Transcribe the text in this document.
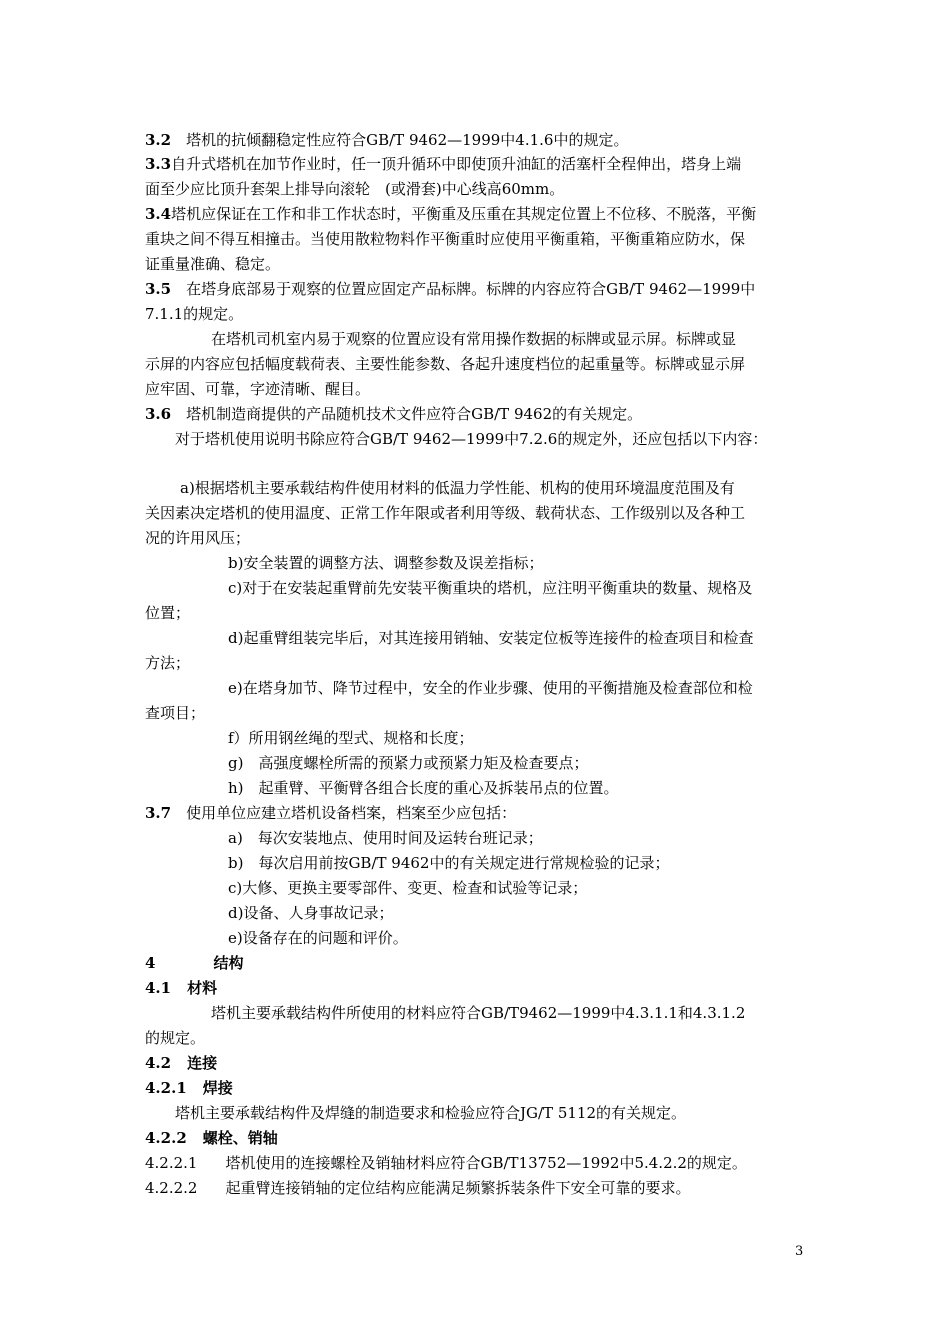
3.2　塔机的抗倾翻稳定性应符合GB/T 9462—1999中4.1.6中的规定。
3.3自升式塔机在加节作业时，任一顶升循环中即使顶升油缸的活塞杆全程伸出，塔身上端
面至少应比顶升套架上排导向滚轮　(或滑套)中心线高60mm。
3.4塔机应保证在工作和非工作状态时，平衡重及压重在其规定位置上不位移、不脱落，平衡
重块之间不得互相撞击。当使用散粒物料作平衡重时应使用平衡重箱，平衡重箱应防水，保
证重量准确、稳定。
3.5　在塔身底部易于观察的位置应固定产品标牌。标牌的内容应符合GB/T 9462—1999中
7.1.1的规定。
在塔机司机室内易于观察的位置应设有常用操作数据的标牌或显示屏。标牌或显
示屏的内容应包括幅度载荷表、主要性能参数、各起升速度档位的起重量等。标牌或显示屏
应牢固、可靠，字迹清晰、醒目。
3.6　塔机制造商提供的产品随机技术文件应符合GB/T 9462的有关规定。
对于塔机使用说明书除应符合GB/T 9462—1999中7.2.6的规定外，还应包括以下内容：
a)根据塔机主要承载结构件使用材料的低温力学性能、机构的使用环境温度范围及有
关因素决定塔机的使用温度、正常工作年限或者利用等级、载荷状态、工作级别以及各种工
况的许用风压；
b)安全装置的调整方法、调整参数及误差指标；
c)对于在安装起重臂前先安装平衡重块的塔机，应注明平衡重块的数量、规格及
位置；
d)起重臂组装完毕后，对其连接用销轴、安装定位板等连接件的检查项目和检查
方法；
e)在塔身加节、降节过程中，安全的作业步骤、使用的平衡措施及检查部位和检
查项目；
f）所用钢丝绳的型式、规格和长度；
g)　高强度螺栓所需的预紧力或预紧力矩及检查要点；
h)　起重臂、平衡臂各组合长度的重心及拆装吊点的位置。
3.7　使用单位应建立塔机设备档案，档案至少应包括：
a)　每次安装地点、使用时间及运转台班记录；
b)　每次启用前按GB/T 9462中的有关规定进行常规检验的记录；
c)大修、更换主要零部件、变更、检查和试验等记录；
d)设备、人身事故记录；
e)设备存在的问题和评价。
4	结构
4.1 材料
塔机主要承载结构件所使用的材料应符合GB/T9462—1999中4.3.1.1和4.3.1.2
的规定。
4.2 连接
4.2.1 焊接
塔机主要承载结构件及焊缝的制造要求和检验应符合JG/T 5112的有关规定。
4.2.2 螺栓、销轴
4.2.2.1 塔机使用的连接螺栓及销轴材料应符合GB/T13752—1992中5.4.2.2的规定。
4.2.2.2 起重臂连接销轴的定位结构应能满足频繁拆装条件下安全可靠的要求。
3
